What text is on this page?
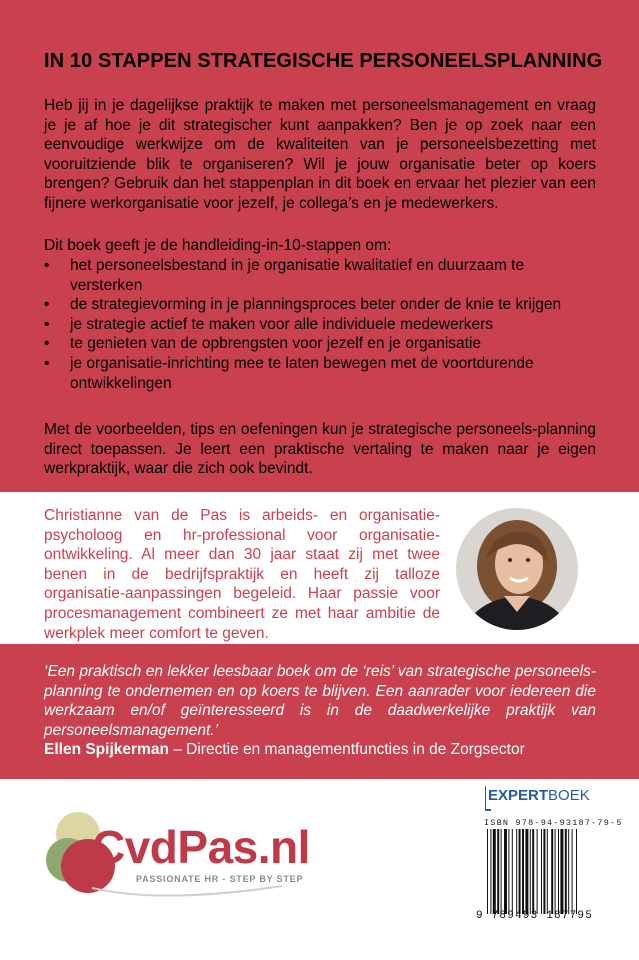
IN 10 STAPPEN STRATEGISCHE PERSONEELSPLANNING
Heb jij in je dagelijkse praktijk te maken met personeelsmanagement en vraag je je af hoe je dit strategischer kunt aanpakken? Ben je op zoek naar een eenvoudige werkwijze om de kwaliteiten van je personeelsbezetting met vooruitziende blik te organiseren? Wil je jouw organisatie beter op koers brengen? Gebruik dan het stappenplan in dit boek en ervaar het plezier van een fijnere werkorganisatie voor jezelf, je collega’s en je medewerkers.
Dit boek geeft je de handleiding-in-10-stappen om:
• het personeelsbestand in je organisatie kwalitatief en duurzaam te versterken
• de strategievorming in je planningsproces beter onder de knie te krijgen
• je strategie actief te maken voor alle individuele medewerkers
• te genieten van de opbrengsten voor jezelf en je organisatie
• je organisatie-inrichting mee te laten bewegen met de voortdurende ontwikkelingen
Met de voorbeelden, tips en oefeningen kun je strategische personeels-planning direct toepassen. Je leert een praktische vertaling te maken naar je eigen werkpraktijk, waar die zich ook bevindt.
Christianne van de Pas is arbeids- en organisatie-psycholoog en hr-professional voor organisatie-ontwikkeling. Al meer dan 30 jaar staat zij met twee benen in de bedrijfspraktijk en heeft zij talloze organisatie-aanpassingen begeleid. Haar passie voor procesmanagement combineert ze met haar ambitie de werkplek meer comfort te geven.
‘Een praktisch en lekker leesbaar boek om de ‘reis’ van strategische personeels-planning te ondernemen en op koers te blijven. Een aanrader voor iedereen die werkzaam en/of geïnteresseerd is in de daadwerkelijke praktijk van personeelsmanagement.’
Ellen Spijkerman – Directie en managementfuncties in de Zorgsector
CvdPas.nl
PASSIONATE HR - STEP BY STEP
EXPERTBOEK
ISBN 978-94-93187-79-5
9 789493 187795
